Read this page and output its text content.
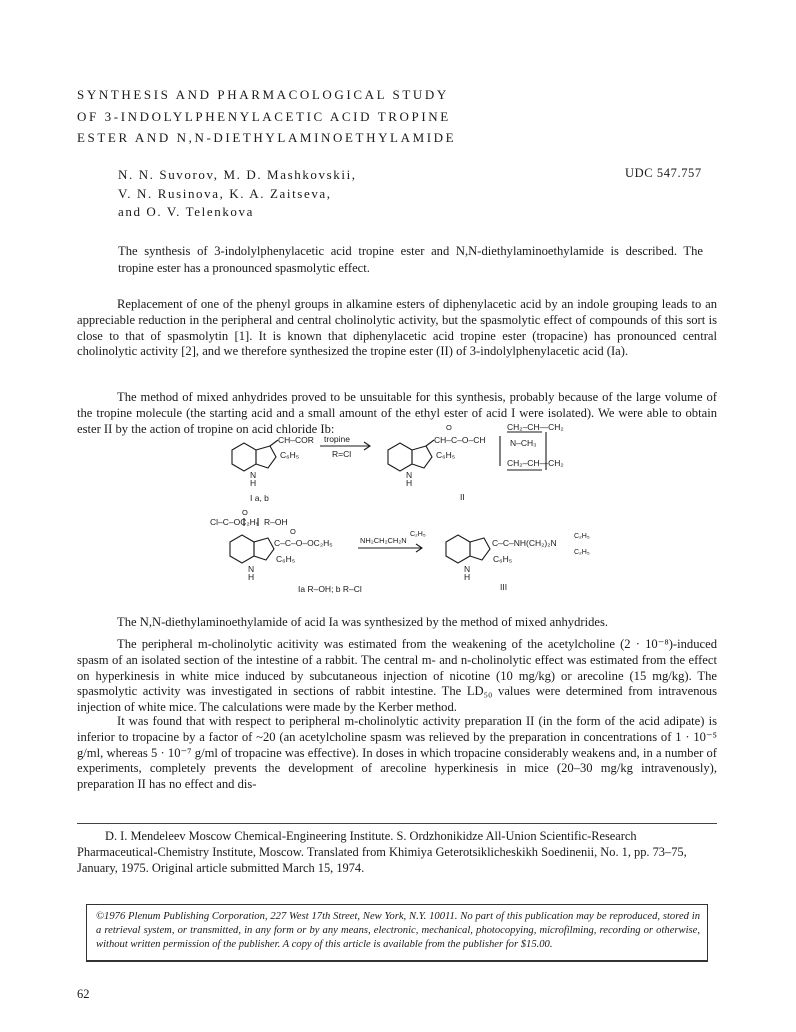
SYNTHESIS AND PHARMACOLOGICAL STUDY
OF 3-INDOLYLPHENYLACETIC ACID TROPINE
ESTER AND N,N-DIETHYLAMINOETHYLAMIDE
N. N. Suvorov, M. D. Mashkovskii,
V. N. Rusinova, K. A. Zaitseva,
and O. V. Telenkova
UDC 547.757
The synthesis of 3-indolylphenylacetic acid tropine ester and N,N-diethylaminoethylamide is described. The tropine ester has a pronounced spasmolytic effect.
Replacement of one of the phenyl groups in alkamine esters of diphenylacetic acid by an indole grouping leads to an appreciable reduction in the peripheral and central cholinolytic activity, but the spasmolytic effect of compounds of this sort is close to that of spasmolytin [1]. It is known that diphenylacetic acid tropine ester (tropacine) has pronounced central cholinolytic activity [2], and we therefore synthesized the tropine ester (II) of 3-indolylphenylacetic acid (Ia).
The method of mixed anhydrides proved to be unsuitable for this synthesis, probably because of the large volume of the tropine molecule (the starting acid and a small amount of the ethyl ester of acid I were isolated). We were able to obtain ester II by the action of tropine on acid chloride Ib:
CH–COR
C₆H₅
N
H
tropine
R=Cl
CH–C–O–CH
O
C₆H₅
N
H
CH₂–CH—CH₂
N–CH₃
CH₂–CH—CH₂
I a, b	II
O
Cl–C–OC₂H₅ R–OH
O
C–C–O–OC₂H₅
C₆H₅
N
H
NH₂CH₂CH₂N
C₂H₅
C–C–NH(CH₂)₂N
C₂H₅
C₂H₅
C₆H₅
N
H
III
Ia R–OH; b R–Cl
The N,N-diethylaminoethylamide of acid Ia was synthesized by the method of mixed anhydrides.
The peripheral m-cholinolytic acitivity was estimated from the weakening of the acetylcholine (2 · 10⁻⁸)-induced spasm of an isolated section of the intestine of a rabbit. The central m- and n-cholinolytic effect was estimated from the effect on hyperkinesis in white mice induced by subcutaneous injection of nicotine (10 mg/kg) or arecoline (15 mg/kg). The spasmolytic activity was investigated in sections of rabbit intestine. The LD₅₀ values were determined from intravenous injection of white mice. The calculations were made by the Kerber method.
It was found that with respect to peripheral m-cholinolytic activity preparation II (in the form of the acid adipate) is inferior to tropacine by a factor of ~20 (an acetylcholine spasm was relieved by the preparation in concentrations of 1 · 10⁻⁵ g/ml, whereas 5 · 10⁻⁷ g/ml of tropacine was effective). In doses in which tropacine considerably weakens and, in a number of experiments, completely prevents the development of arecoline hyperkinesis in mice (20–30 mg/kg intravenously), preparation II has no effect and dis-
D. I. Mendeleev Moscow Chemical-Engineering Institute. S. Ordzhonikidze All-Union Scientific-Research Pharmaceutical-Chemistry Institute, Moscow. Translated from Khimiya Geterotsiklicheskikh Soedinenii, No. 1, pp. 73–75, January, 1975. Original article submitted March 15, 1974.
©1976 Plenum Publishing Corporation, 227 West 17th Street, New York, N.Y. 10011. No part of this publication may be reproduced, stored in a retrieval system, or transmitted, in any form or by any means, electronic, mechanical, photocopying, microfilming, recording or otherwise, without written permission of the publisher. A copy of this article is available from the publisher for $15.00.
62
